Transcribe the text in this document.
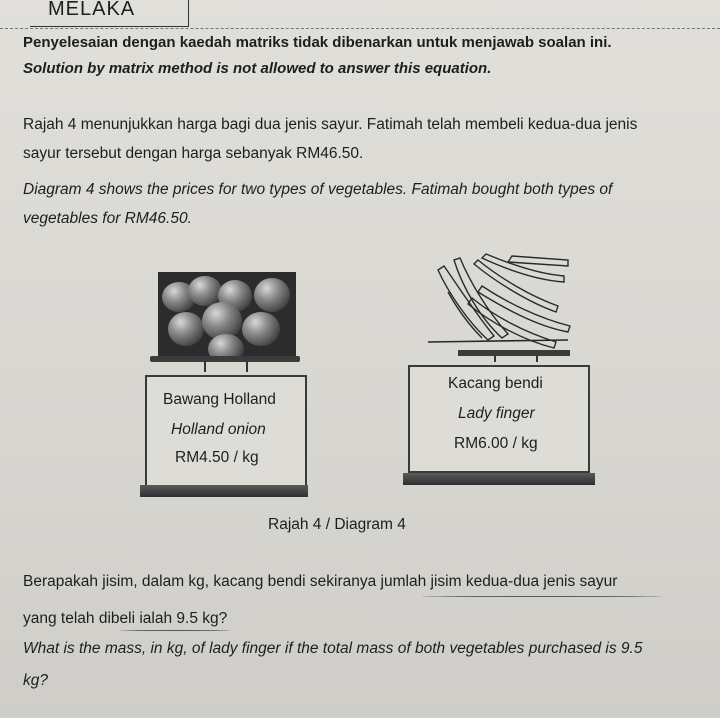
MELAKA
Penyelesaian dengan kaedah matriks tidak dibenarkan untuk menjawab soalan ini.
Solution by matrix method is not allowed to answer this equation.
Rajah 4 menunjukkan harga bagi dua jenis sayur. Fatimah telah membeli kedua-dua jenis
sayur tersebut dengan harga sebanyak RM46.50.
Diagram 4 shows the prices for two types of vegetables. Fatimah bought both types of
vegetables for RM46.50.
Bawang Holland
Holland onion
RM4.50 / kg
Kacang bendi
Lady finger
RM6.00 / kg
Rajah 4 / Diagram 4
Berapakah jisim, dalam kg, kacang bendi sekiranya jumlah jisim kedua-dua jenis sayur
yang telah dibeli ialah 9.5 kg?
What is the mass, in kg, of lady finger if the total mass of both vegetables purchased is 9.5
kg?
